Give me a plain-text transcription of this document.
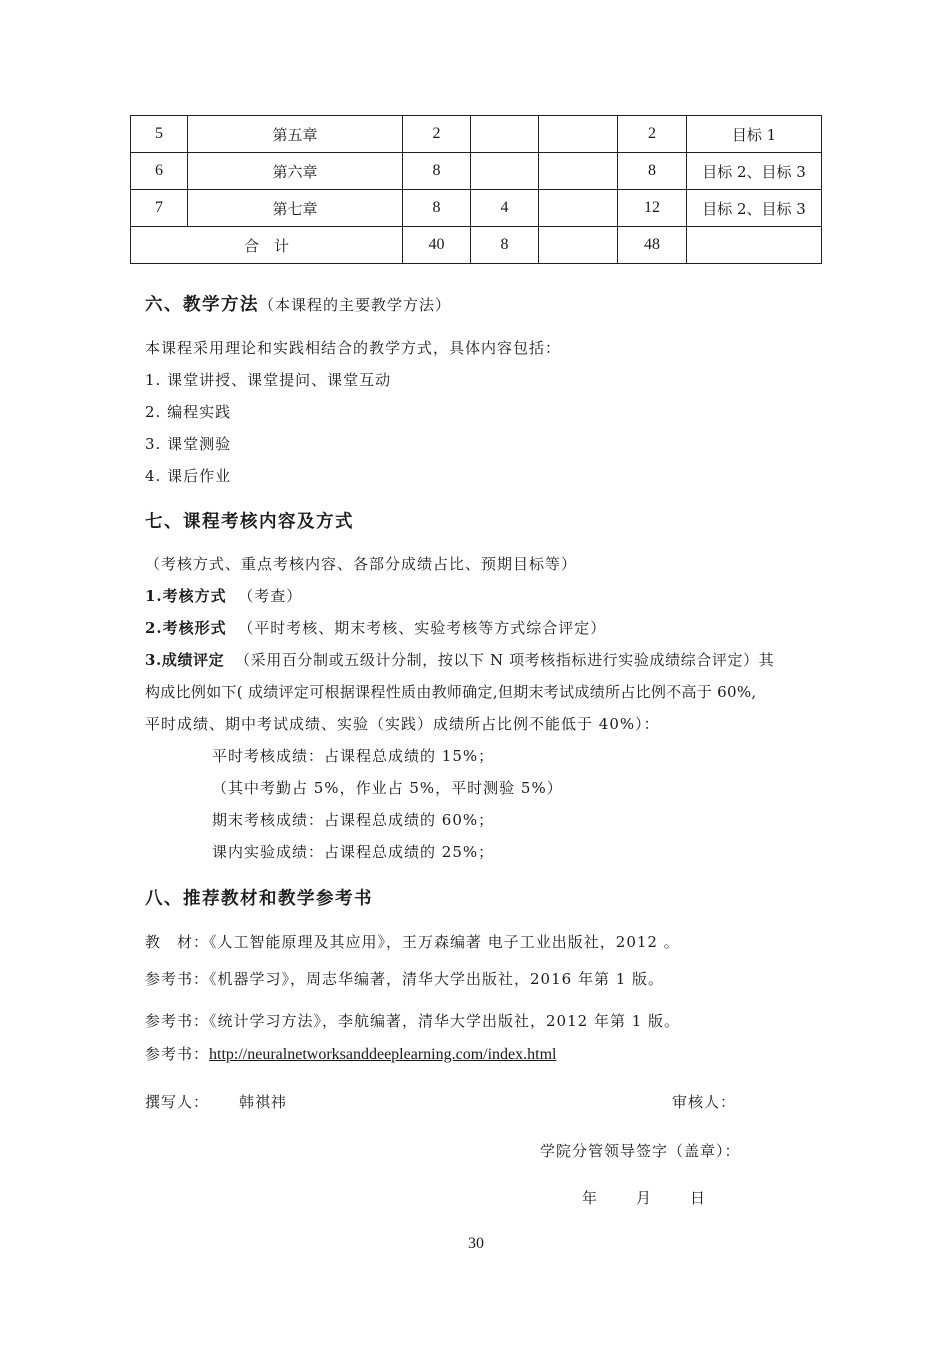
5	第五章	2			2	目标 1
6	第六章	8			8	目标 2、目标 3
7	第七章	8	4		12	目标 2、目标 3
合　计		40	8		48	
六、教学方法（本课程的主要教学方法）
本课程采用理论和实践相结合的教学方式，具体内容包括：
1. 课堂讲授、课堂提问、课堂互动
2. 编程实践
3. 课堂测验
4. 课后作业
七、课程考核内容及方式
（考核方式、重点考核内容、各部分成绩占比、预期目标等）
1.考核方式 （考查）
2.考核形式 （平时考核、期末考核、实验考核等方式综合评定）
3.成绩评定 （采用百分制或五级计分制，按以下 N 项考核指标进行实验成绩综合评定）其
构成比例如下( 成绩评定可根据课程性质由教师确定,但期末考试成绩所占比例不高于 60%,
平时成绩、期中考试成绩、实验（实践）成绩所占比例不能低于 40%）：
平时考核成绩：占课程总成绩的 15%；
（其中考勤占 5%，作业占 5%，平时测验 5%）
期末考核成绩：占课程总成绩的 60%；
课内实验成绩：占课程总成绩的 25%；
八、推荐教材和教学参考书
教　材：《人工智能原理及其应用》，王万森编著 电子工业出版社，2012 。
参考书：《机器学习》，周志华编著，清华大学出版社，2016 年第 1 版。
参考书：《统计学习方法》，李航编著，清华大学出版社，2012 年第 1 版。
参考书：http://neuralnetworksanddeeplearning.com/index.html
撰写人： 韩祺祎	审核人：
学院分管领导签字（盖章）：
年　　月　　日
30
